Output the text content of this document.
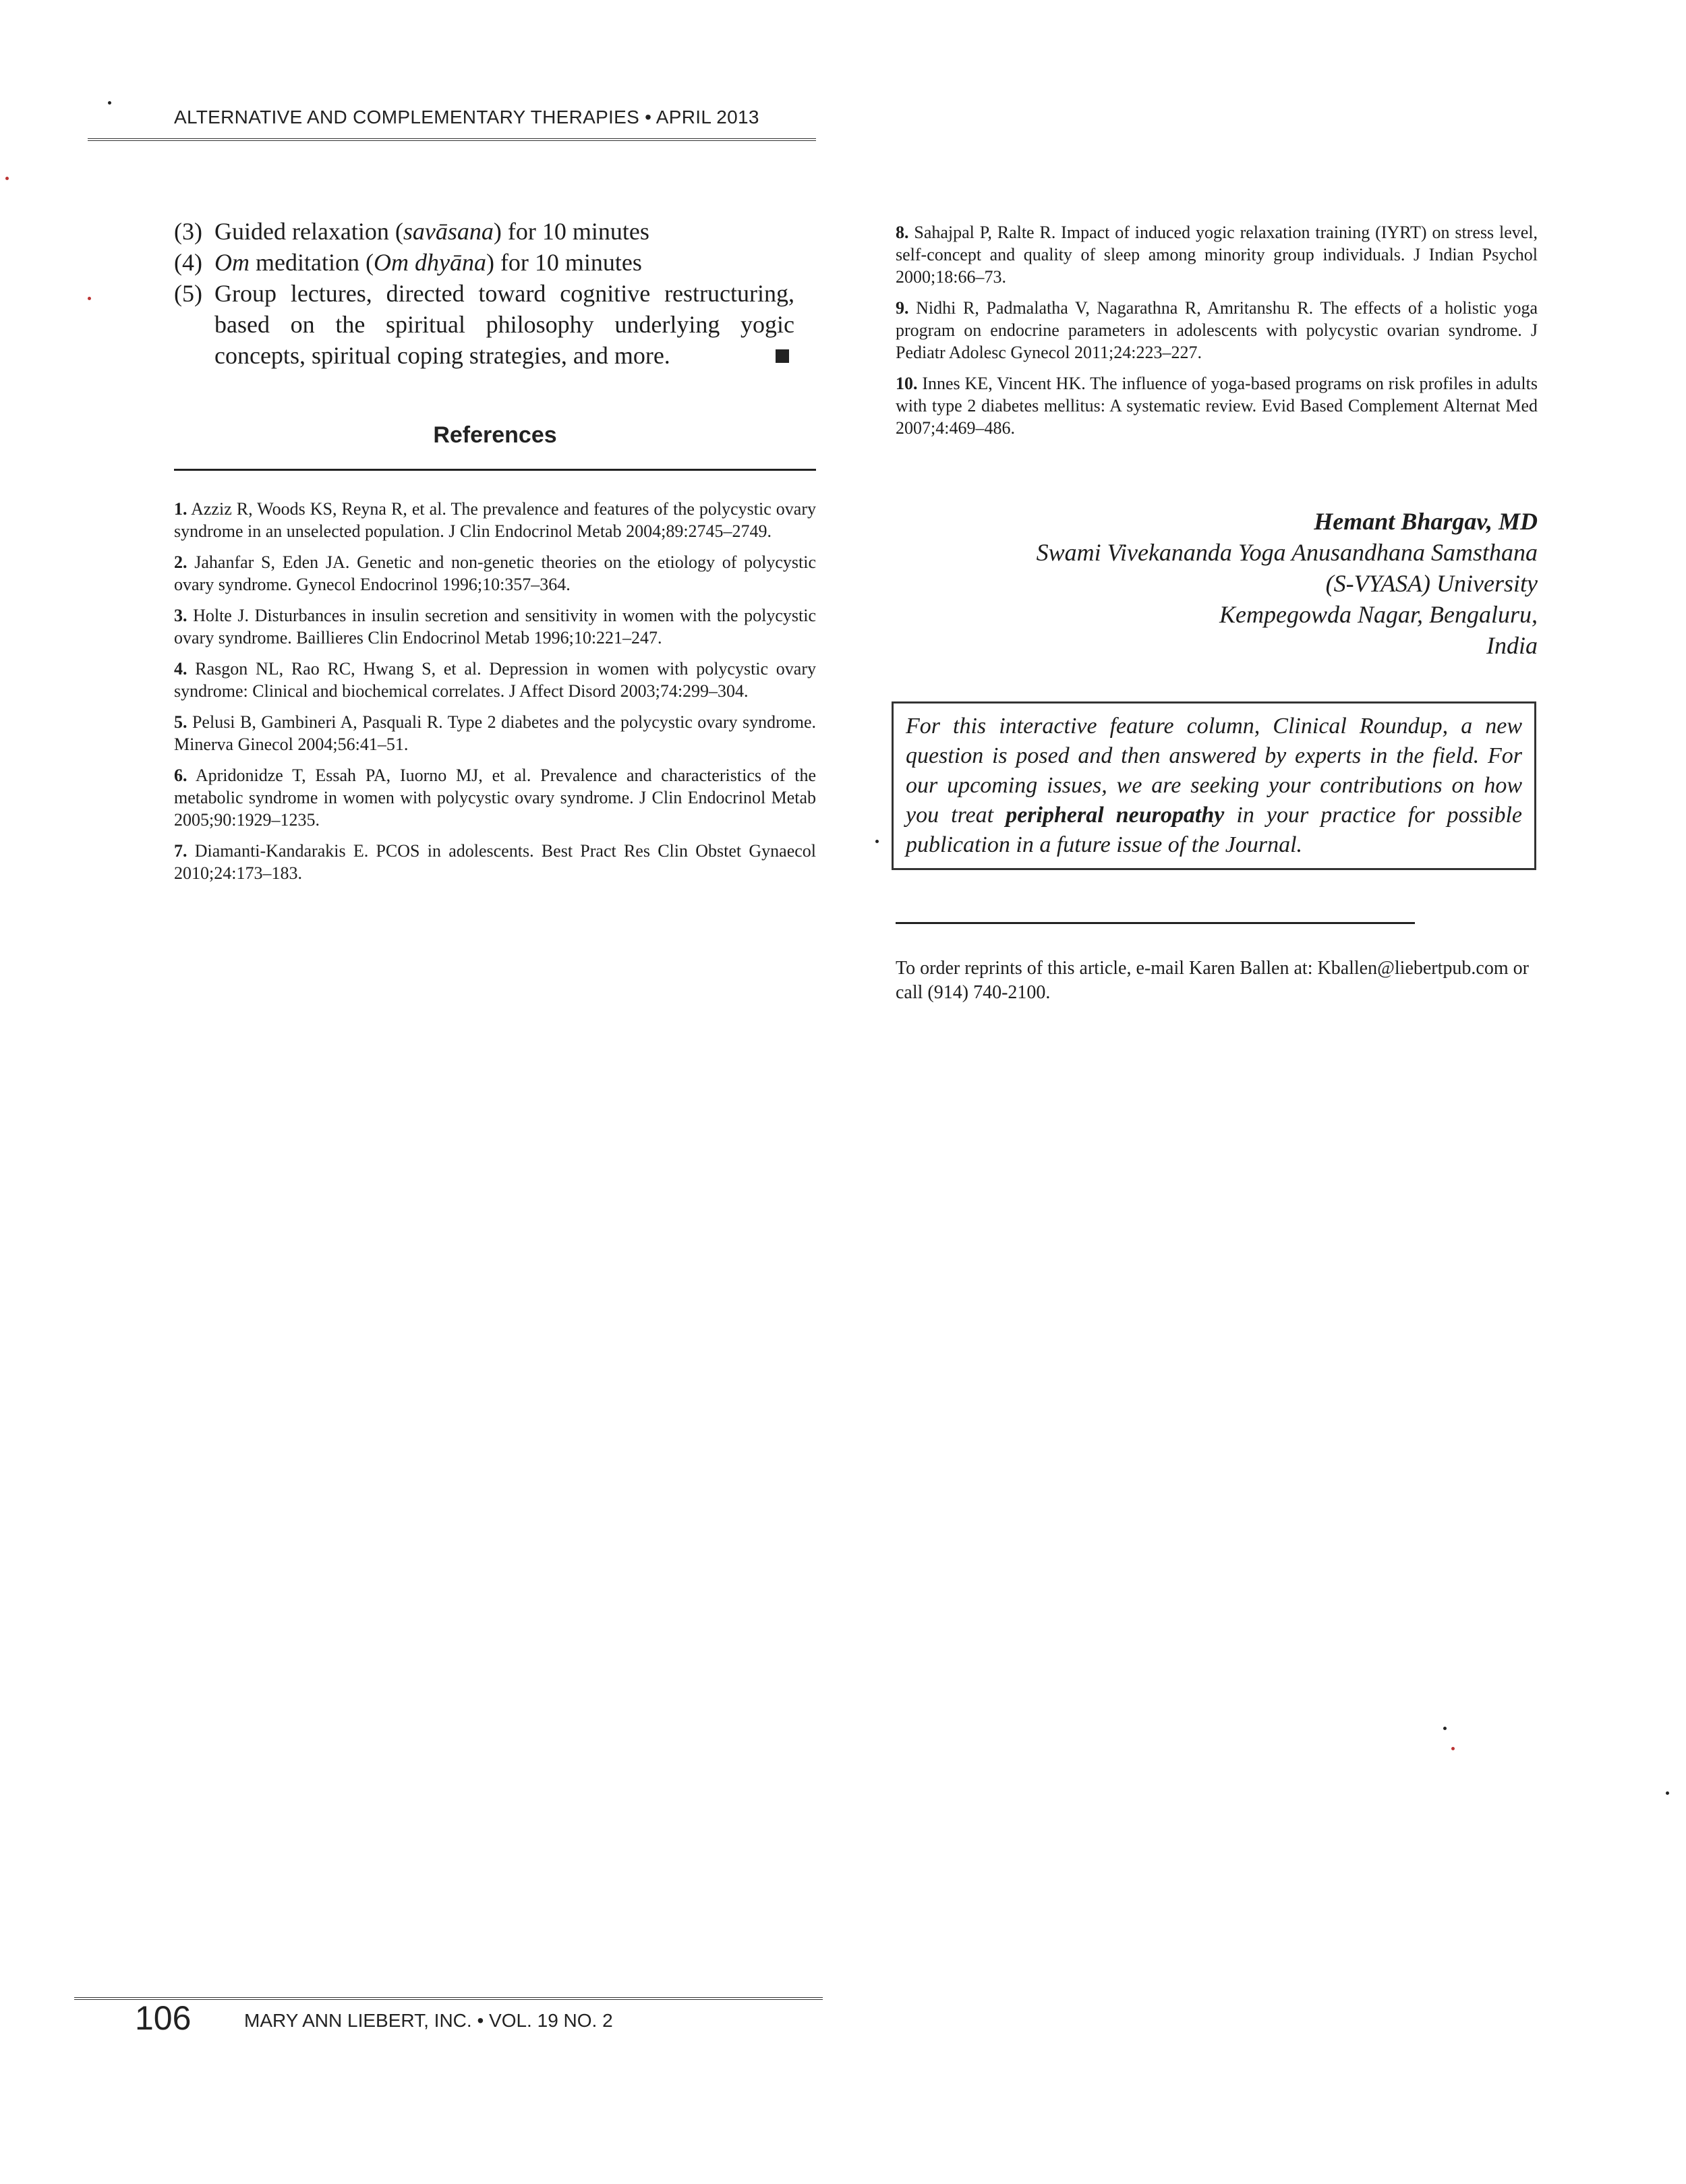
ALTERNATIVE AND COMPLEMENTARY THERAPIES • APRIL 2013

(3) Guided relaxation (savāsana) for 10 minutes

(4) Om meditation (Om dhyāna) for 10 minutes

(5) Group lectures, directed toward cognitive restructuring, based on the spiritual philosophy underlying yogic concepts, spiritual coping strategies, and more.

References

1. Azziz R, Woods KS, Reyna R, et al. The prevalence and features of the polycystic ovary syndrome in an unselected population. J Clin Endocrinol Metab 2004;89:2745–2749.

2. Jahanfar S, Eden JA. Genetic and non-genetic theories on the etiology of polycystic ovary syndrome. Gynecol Endocrinol 1996;10:357–364.

3. Holte J. Disturbances in insulin secretion and sensitivity in women with the polycystic ovary syndrome. Baillieres Clin Endocrinol Metab 1996;10:221–247.

4. Rasgon NL, Rao RC, Hwang S, et al. Depression in women with polycystic ovary syndrome: Clinical and biochemical correlates. J Affect Disord 2003;74:299–304.

5. Pelusi B, Gambineri A, Pasquali R. Type 2 diabetes and the polycystic ovary syndrome. Minerva Ginecol 2004;56:41–51.

6. Apridonidze T, Essah PA, Iuorno MJ, et al. Prevalence and characteristics of the metabolic syndrome in women with polycystic ovary syndrome. J Clin Endocrinol Metab 2005;90:1929–1235.

7. Diamanti-Kandarakis E. PCOS in adolescents. Best Pract Res Clin Obstet Gynaecol 2010;24:173–183.

8. Sahajpal P, Ralte R. Impact of induced yogic relaxation training (IYRT) on stress level, self-concept and quality of sleep among minority group individuals. J Indian Psychol 2000;18:66–73.

9. Nidhi R, Padmalatha V, Nagarathna R, Amritanshu R. The effects of a holistic yoga program on endocrine parameters in adolescents with polycystic ovarian syndrome. J Pediatr Adolesc Gynecol 2011;24:223–227.

10. Innes KE, Vincent HK. The influence of yoga-based programs on risk profiles in adults with type 2 diabetes mellitus: A systematic review. Evid Based Complement Alternat Med 2007;4:469–486.

Hemant Bhargav, MD
Swami Vivekananda Yoga Anusandhana Samsthana
(S-VYASA) University
Kempegowda Nagar, Bengaluru,
India
For this interactive feature column, Clinical Roundup, a new question is posed and then answered by experts in the field. For our upcoming issues, we are seeking your contributions on how you treat peripheral neuropathy in your practice for possible publication in a future issue of the Journal.
To order reprints of this article, e-mail Karen Ballen at: Kballen@liebertpub.com or call (914) 740-2100.
106	MARY ANN LIEBERT, INC. • VOL. 19 NO. 2
